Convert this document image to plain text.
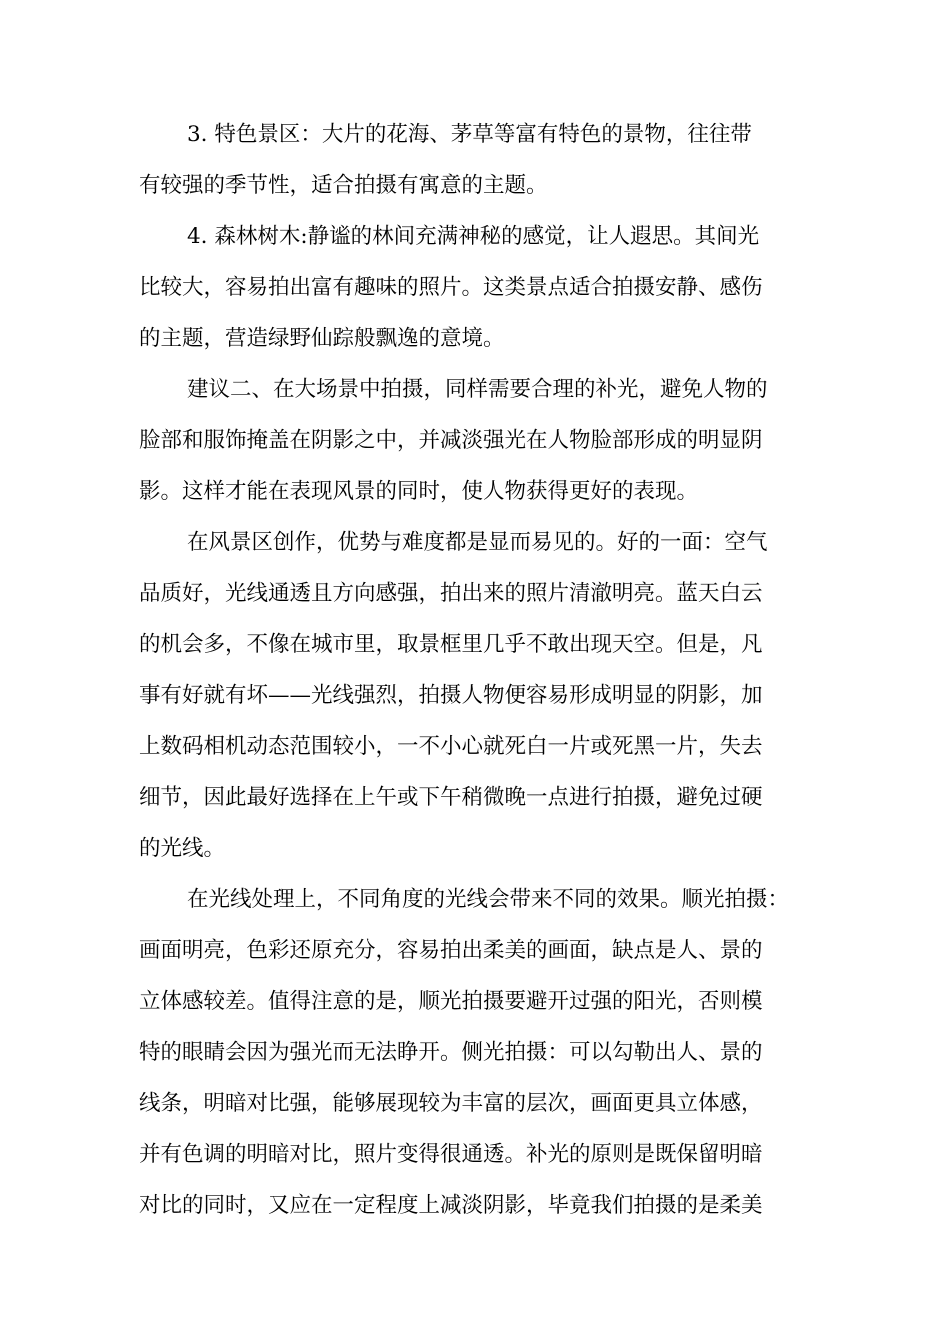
3. 特色景区：大片的花海、茅草等富有特色的景物，往往带
有较强的季节性，适合拍摄有寓意的主题。

4. 森林树木:静谧的林间充满神秘的感觉，让人遐思。其间光
比较大，容易拍出富有趣味的照片。这类景点适合拍摄安静、感伤
的主题，营造绿野仙踪般飘逸的意境。

建议二、在大场景中拍摄，同样需要合理的补光，避免人物的
脸部和服饰掩盖在阴影之中，并减淡强光在人物脸部形成的明显阴
影。这样才能在表现风景的同时，使人物获得更好的表现。

在风景区创作，优势与难度都是显而易见的。好的一面：空气
品质好，光线通透且方向感强，拍出来的照片清澈明亮。蓝天白云
的机会多，不像在城市里，取景框里几乎不敢出现天空。但是，凡
事有好就有坏——光线强烈，拍摄人物便容易形成明显的阴影，加
上数码相机动态范围较小，一不小心就死白一片或死黑一片，失去
细节，因此最好选择在上午或下午稍微晚一点进行拍摄，避免过硬
的光线。

在光线处理上，不同角度的光线会带来不同的效果。顺光拍摄：
画面明亮，色彩还原充分，容易拍出柔美的画面，缺点是人、景的
立体感较差。值得注意的是，顺光拍摄要避开过强的阳光，否则模
特的眼睛会因为强光而无法睁开。侧光拍摄：可以勾勒出人、景的
线条，明暗对比强，能够展现较为丰富的层次，画面更具立体感，
并有色调的明暗对比，照片变得很通透。补光的原则是既保留明暗
对比的同时，又应在一定程度上减淡阴影，毕竟我们拍摄的是柔美
